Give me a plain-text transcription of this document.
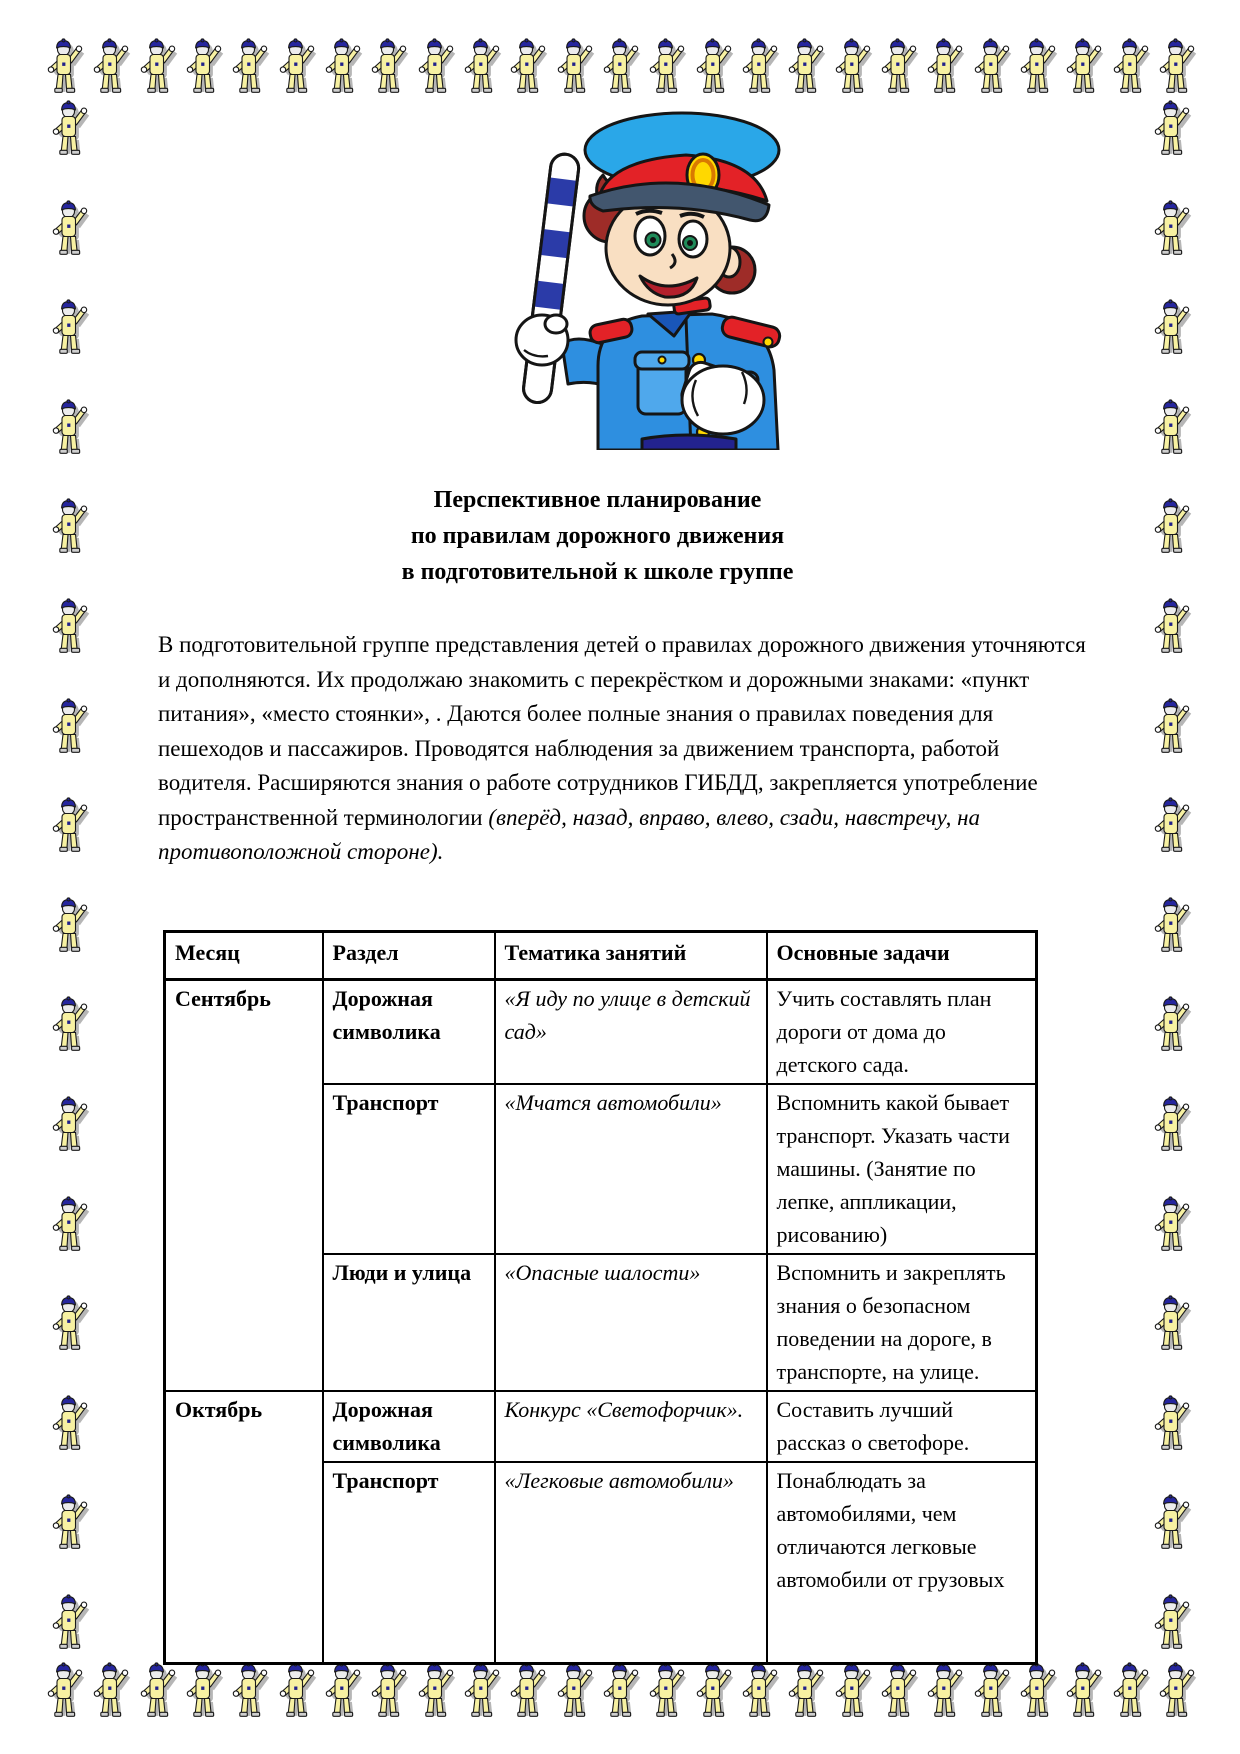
Перспективное планирование
по правилам дорожного движения
в подготовительной к школе группе
В подготовительной группе представления детей о правилах дорожного движения уточняются и дополняются. Их продолжаю знакомить с перекрёстком и дорожными знаками: «пункт питания», «место стоянки», . Даются более полные знания о правилах поведения для пешеходов и пассажиров. Проводятся наблюдения за движением транспорта, работой водителя. Расширяются знания о работе сотрудников ГИБДД, закрепляется употребление пространственной терминологии (вперёд, назад, вправо, влево, сзади, навстречу, на противоположной стороне).
Месяц	Раздел	Тематика занятий	Основные задачи
Сентябрь	Дорожная символика	«Я иду по улице в детский сад»	Учить составлять план дороги от дома до детского сада.
	Транспорт	«Мчатся автомобили»	Вспомнить какой бывает транспорт. Указать части машины. (Занятие по лепке, аппликации, рисованию)
	Люди и улица	«Опасные шалости»	Вспомнить и закреплять знания о безопасном поведении на дороге, в транспорте, на улице.
Октябрь	Дорожная символика	Конкурс «Светофорчик».	Составить лучший рассказ о светофоре.
	Транспорт	«Легковые автомобили»	Понаблюдать за автомобилями, чем отличаются легковые автомобили от грузовых
